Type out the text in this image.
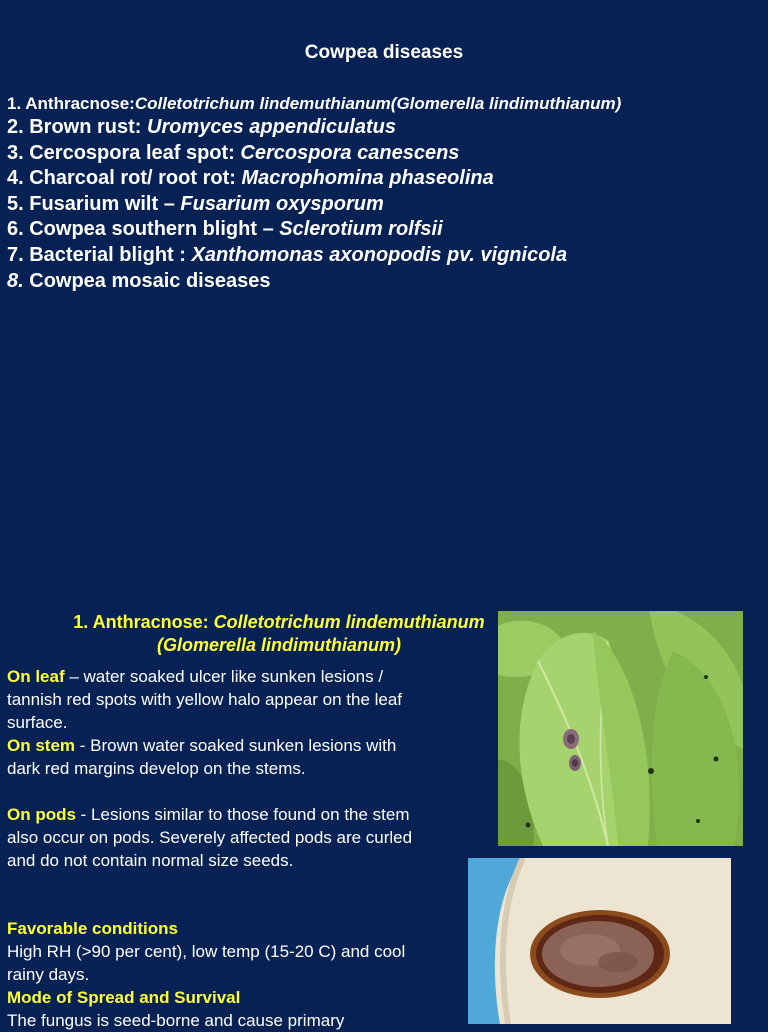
Cowpea diseases
1. Anthracnose:Colletotrichum lindemuthianum(Glomerella lindimuthianum)
2. Brown rust: Uromyces appendiculatus
3. Cercospora leaf spot: Cercospora canescens
4. Charcoal rot/ root rot: Macrophomina phaseolina
5. Fusarium wilt – Fusarium oxysporum
6. Cowpea southern blight – Sclerotium rolfsii
7. Bacterial blight : Xanthomonas axonopodis pv. vignicola
8. Cowpea mosaic diseases
1. Anthracnose: Colletotrichum lindemuthianum
(Glomerella lindimuthianum)
On leaf – water soaked ulcer like sunken lesions / tannish red spots with yellow halo appear on the leaf surface.
On stem - Brown water soaked sunken lesions with dark red margins develop on the stems.
On pods - Lesions similar to those found on the stem also occur on pods. Severely affected pods are curled and do not contain normal size seeds.
Favorable conditions
High RH (>90 per cent), low temp (15-20 C) and cool rainy days.
Mode of Spread and Survival
The fungus is seed-borne and cause primary
